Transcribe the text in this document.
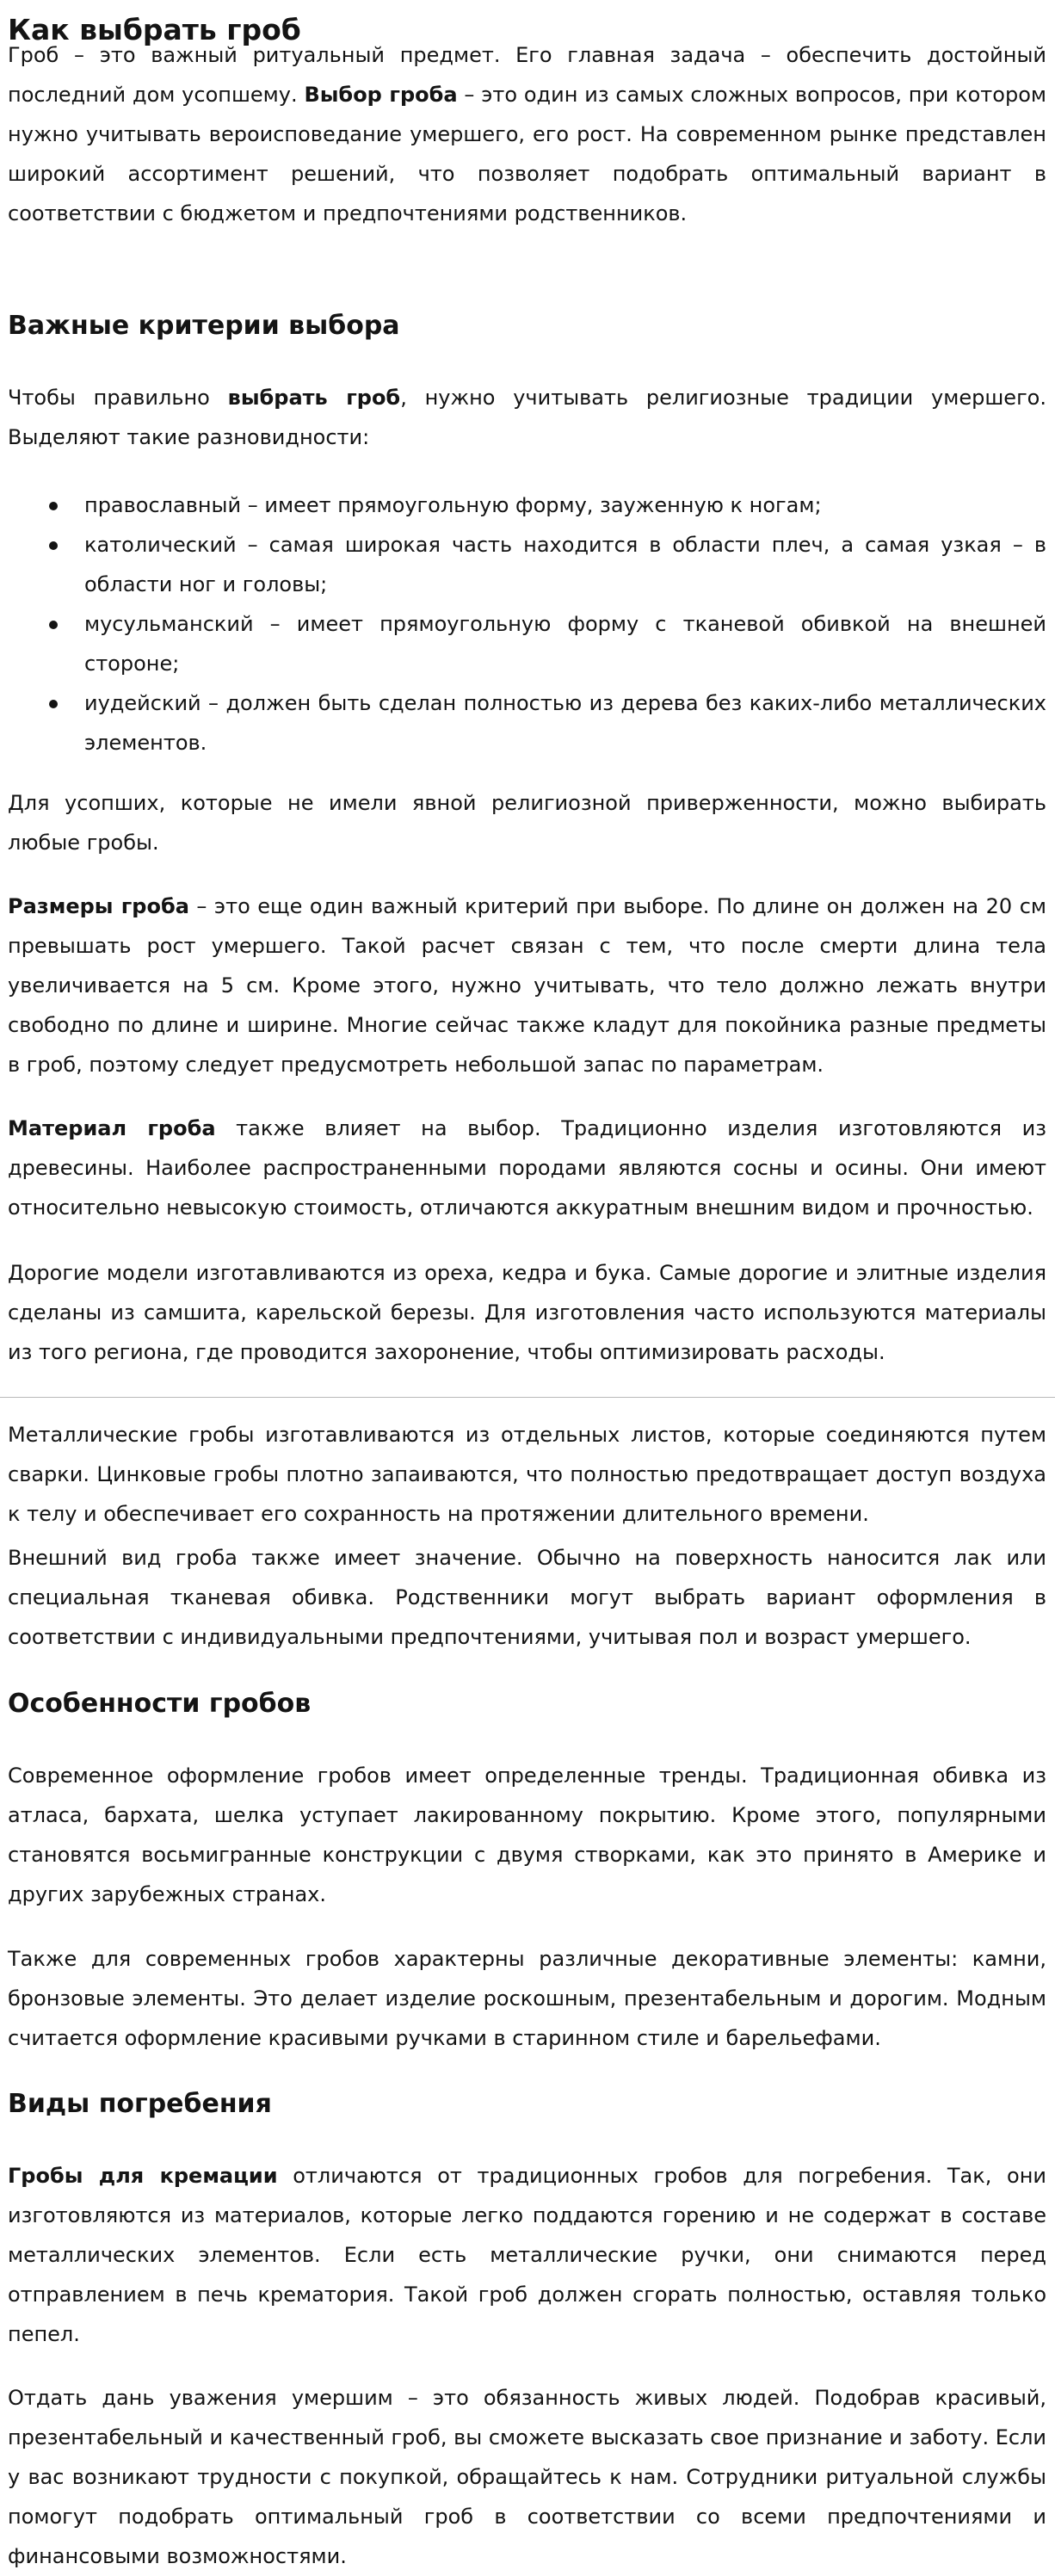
Как выбрать гроб

Гроб – это важный ритуальный предмет. Его главная задача – обеспечить достойный последний дом усопшему. Выбор гроба – это один из самых сложных вопросов, при котором нужно учитывать вероисповедание умершего, его рост. На современном рынке представлен широкий ассортимент решений, что позволяет подобрать оптимальный вариант в соответствии с бюджетом и предпочтениями родственников.

Важные критерии выбора

Чтобы правильно выбрать гроб, нужно учитывать религиозные традиции умершего. Выделяют такие разновидности:

православный – имеет прямоугольную форму, зауженную к ногам;
католический – самая широкая часть находится в области плеч, а самая узкая – в области ног и головы;
мусульманский – имеет прямоугольную форму с тканевой обивкой на внешней стороне;
иудейский – должен быть сделан полностью из дерева без каких-либо металлических элементов.

Для усопших, которые не имели явной религиозной приверженности, можно выбирать любые гробы.

Размеры гроба – это еще один важный критерий при выборе. По длине он должен на 20 см превышать рост умершего. Такой расчет связан с тем, что после смерти длина тела увеличивается на 5 см. Кроме этого, нужно учитывать, что тело должно лежать внутри свободно по длине и ширине. Многие сейчас также кладут для покойника разные предметы в гроб, поэтому следует предусмотреть небольшой запас по параметрам.

Материал гроба также влияет на выбор. Традиционно изделия изготовляются из древесины. Наиболее распространенными породами являются сосны и осины. Они имеют относительно невысокую стоимость, отличаются аккуратным внешним видом и прочностью.

Дорогие модели изготавливаются из ореха, кедра и бука. Самые дорогие и элитные изделия сделаны из самшита, карельской березы. Для изготовления часто используются материалы из того региона, где проводится захоронение, чтобы оптимизировать расходы.

Металлические гробы изготавливаются из отдельных листов, которые соединяются путем сварки. Цинковые гробы плотно запаиваются, что полностью предотвращает доступ воздуха к телу и обеспечивает его сохранность на протяжении длительного времени.

Внешний вид гроба также имеет значение. Обычно на поверхность наносится лак или специальная тканевая обивка. Родственники могут выбрать вариант оформления в соответствии с индивидуальными предпочтениями, учитывая пол и возраст умершего.

Особенности гробов

Современное оформление гробов имеет определенные тренды. Традиционная обивка из атласа, бархата, шелка уступает лакированному покрытию. Кроме этого, популярными становятся восьмигранные конструкции с двумя створками, как это принято в Америке и других зарубежных странах.

Также для современных гробов характерны различные декоративные элементы: камни, бронзовые элементы. Это делает изделие роскошным, презентабельным и дорогим. Модным считается оформление красивыми ручками в старинном стиле и барельефами.

Виды погребения

Гробы для кремации отличаются от традиционных гробов для погребения. Так, они изготовляются из материалов, которые легко поддаются горению и не содержат в составе металлических элементов. Если есть металлические ручки, они снимаются перед отправлением в печь крематория. Такой гроб должен сгорать полностью, оставляя только пепел.

Отдать дань уважения умершим – это обязанность живых людей. Подобрав красивый, презентабельный и качественный гроб, вы сможете высказать свое признание и заботу. Если у вас возникают трудности с покупкой, обращайтесь к нам. Сотрудники ритуальной службы помогут подобрать оптимальный гроб в соответствии со всеми предпочтениями и финансовыми возможностями.
